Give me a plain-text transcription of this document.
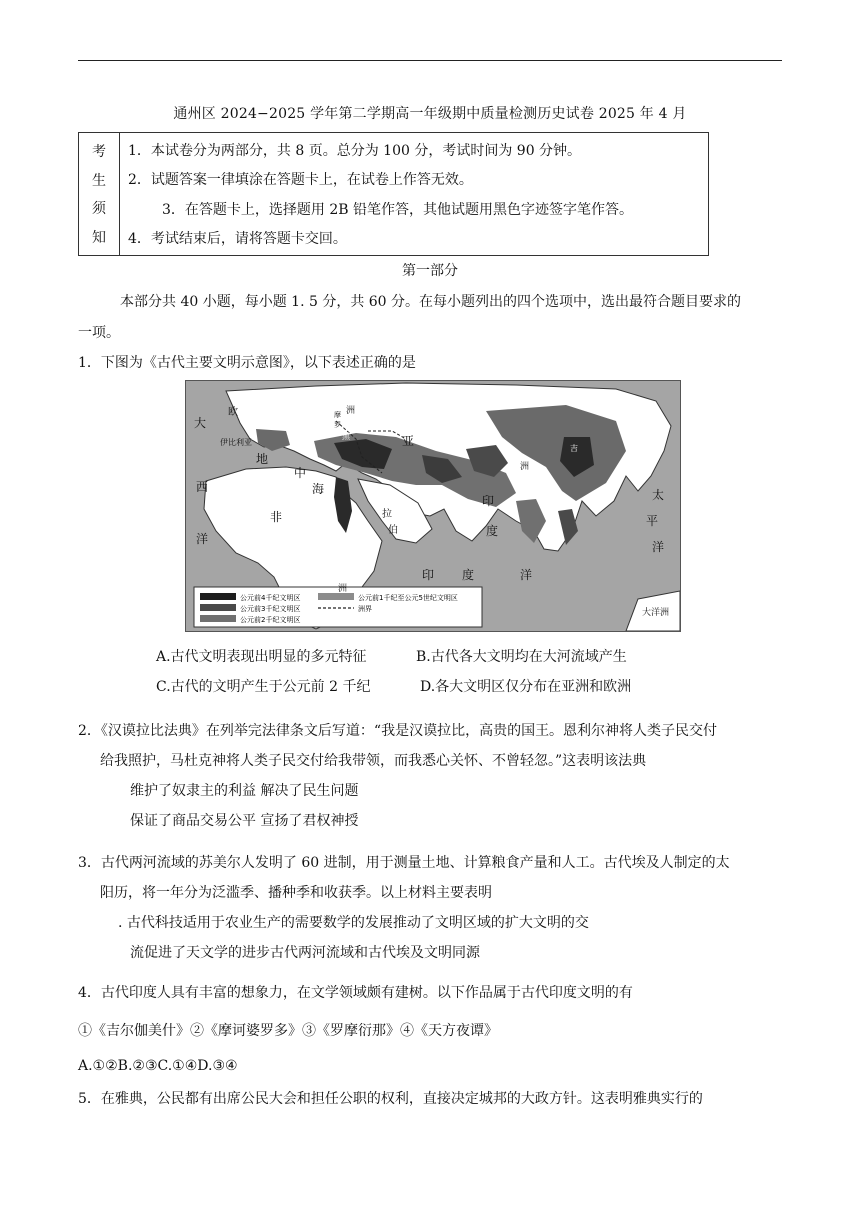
通州区 2024−2025 学年第二学期高一年级期中质量检测历史试卷 2025 年 4 月
考
生
须
知
1．本试卷分为两部分，共 8 页。总分为 100 分，考试时间为 90 分钟。
2．试题答案一律填涂在答题卡上，在试卷上作答无效。
3．在答题卡上，选择题用 2B 铅笔作答，其他试题用黑色字迹签字笔作答。
4．考试结束后，请将答题卡交回。
第一部分
本部分共 40 小题，每小题 1. 5 分，共 60 分。在每小题列出的四个选项中，选出最符合题目要求的
一项。
1．下图为《古代主要文明示意图》，以下表述正确的是
公元前4千纪文明区
公元前3千纪文明区
公元前2千纪文明区
公元前1千纪至公元5世纪文明区
洲界
大
西
洋
欧	洲
伊比利亚
地
中
海
非
洲
亚
拉
伯
洲
印
度
印 度	洋
太
平
洋
大洋洲
黑
吉
摩
罗
A.古代文明表现出明显的多元特征	B.古代各大文明均在大河流域产生
C.古代的文明产生于公元前 2 千纪	D.各大文明区仅分布在亚洲和欧洲
2．《汉谟拉比法典》在列举完法律条文后写道：“我是汉谟拉比，高贵的国王。恩利尔神将人类子民交付
给我照护，马杜克神将人类子民交付给我带领，而我悉心关怀、不曾轻忽。”这表明该法典
维护了奴隶主的利益 解决了民生问题
保证了商品交易公平 宣扬了君权神授
3．古代两河流域的苏美尔人发明了 60 进制，用于测量土地、计算粮食产量和人工。古代埃及人制定的太
阳历，将一年分为泛滥季、播种季和收获季。以上材料主要表明
. 古代科技适用于农业生产的需要数学的发展推动了文明区域的扩大文明的交
流促进了天文学的进步古代两河流域和古代埃及文明同源
4．古代印度人具有丰富的想象力，在文学领域颇有建树。以下作品属于古代印度文明的有
①《吉尔伽美什》②《摩诃婆罗多》③《罗摩衍那》④《天方夜谭》
A.①②B.②③C.①④D.③④
5．在雅典，公民都有出席公民大会和担任公职的权利，直接决定城邦的大政方针。这表明雅典实行的
